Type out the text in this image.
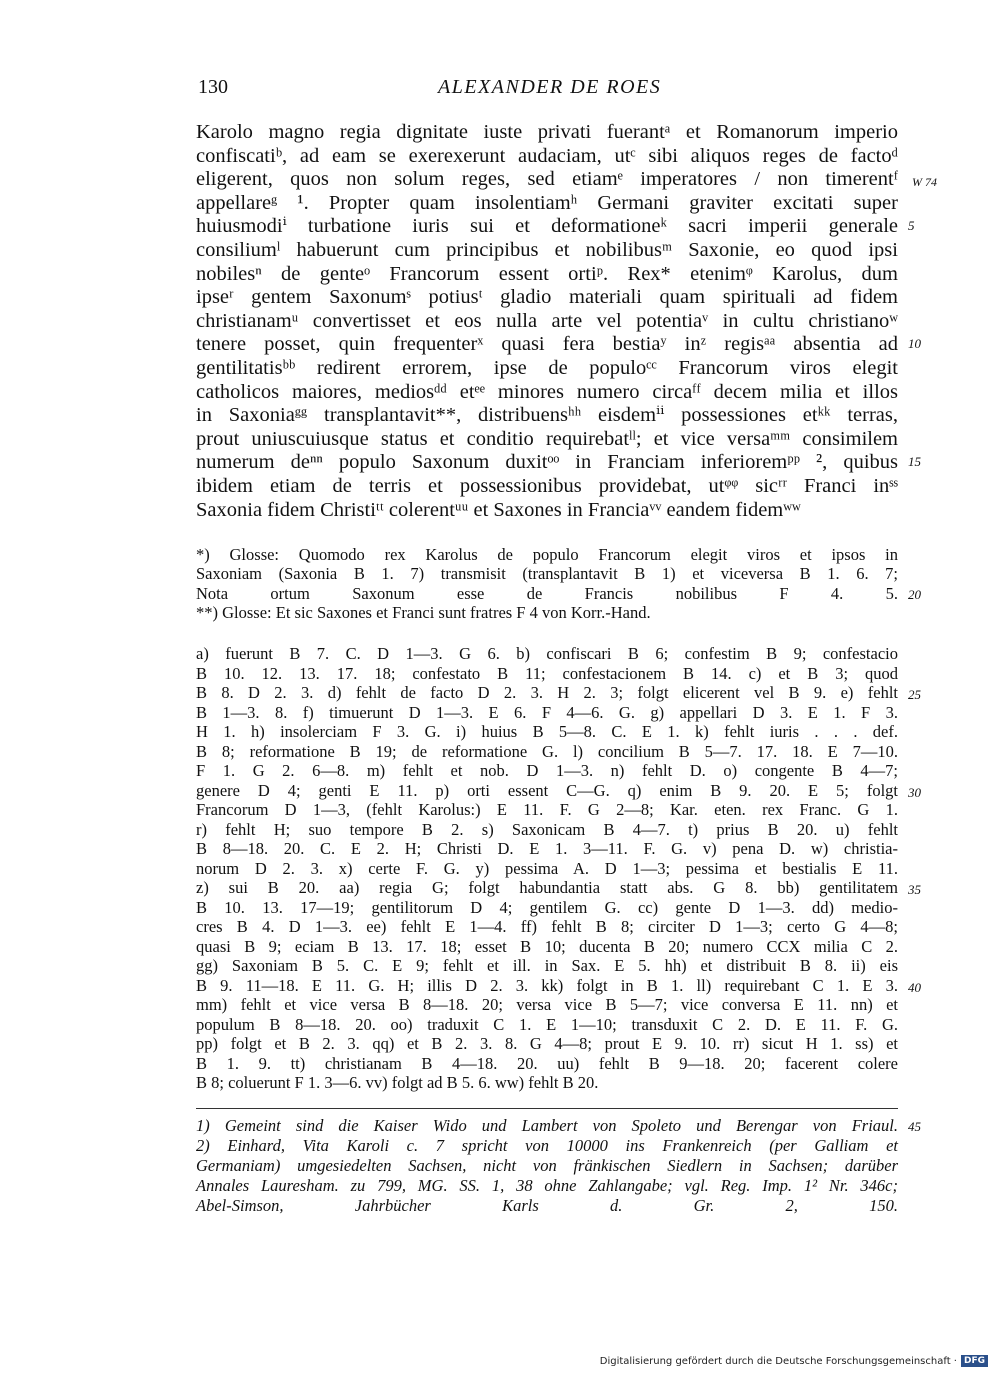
130	ALEXANDER DE ROES
W 74
Karolo magno regia dignitate iuste privati fuerantᵃ et Romanorum imperio
confiscatiᵇ, ad eam se exerexerunt audaciam, utᶜ sibi aliquos reges de factoᵈ
eligerent, quos non solum reges, sed etiamᵉ imperatores / non timerentᶠ
appellareᵍ ¹. Propter quam insolentiamʰ Germani graviter excitati super
huiusmodiⁱ turbatione iuris sui et deformationeᵏ sacri imperii generale
consiliumˡ habuerunt cum principibus et nobilibusᵐ Saxonie, eo quod ipsi
nobilesⁿ de genteᵒ Francorum essent ortiᵖ. Rex* etenimᵠ Karolus, dum
ipseʳ gentem Saxonumˢ potiusᵗ gladio materiali quam spirituali ad fidem
christianamᵘ convertisset et eos nulla arte vel potentiaᵛ in cultu christianoʷ
tenere posset, quin frequenterˣ quasi fera bestiaʸ inᶻ regisᵃᵃ absentia ad
gentilitatisᵇᵇ redirent errorem, ipse de populoᶜᶜ Francorum viros elegit
catholicos maiores, mediosᵈᵈ etᵉᵉ minores numero circaᶠᶠ decem milia et illos
in Saxoniaᵍᵍ transplantavit**, distribuensʰʰ eisdemⁱⁱ possessiones etᵏᵏ terras,
prout uniuscuiusque status et conditio requirebatˡˡ; et vice versaᵐᵐ consimilem
numerum deⁿⁿ populo Saxonum duxitᵒᵒ in Franciam inferioremᵖᵖ ², quibus
ibidem etiam de terris et possessionibus providebat, utᵠᵠ sicʳʳ Franci inˢˢ
Saxonia fidem Christiᵗᵗ colerentᵘᵘ et Saxones in Franciaᵛᵛ eandem fidemʷʷ
5
10
15
*) Glosse: Quomodo rex Karolus de populo Francorum elegit viros et ipsos in
Saxoniam (Saxonia B 1. 7) transmisit (transplantavit B 1) et viceversa B 1. 6. 7;
Nota ortum Saxonum esse de Francis nobilibus F 4. 5.
**) Glosse: Et sic Saxones et Franci sunt fratres F 4 von Korr.-Hand.
20
a) fuerunt B 7. C. D 1—3. G 6. b) confiscari B 6; confestim B 9; confestacio
B 10. 12. 13. 17. 18; confestato B 11; confestacionem B 14. c) et B 3; quod
B 8. D 2. 3. d) fehlt de facto D 2. 3. H 2. 3; folgt elicerent vel B 9. e) fehlt
B 1—3. 8. f) timuerunt D 1—3. E 6. F 4—6. G. g) appellari D 3. E 1. F 3.
H 1. h) insolerciam F 3. G. i) huius B 5—8. C. E 1. k) fehlt iuris . . . def.
B 8; reformatione B 19; de reformatione G. l) concilium B 5—7. 17. 18. E 7—10.
F 1. G 2. 6—8. m) fehlt et nob. D 1—3. n) fehlt D. o) congente B 4—7;
genere D 4; genti E 11. p) orti essent C—G. q) enim B 9. 20. E 5; folgt
Francorum D 1—3, (fehlt Karolus:) E 11. F. G 2—8; Kar. eten. rex Franc. G 1.
r) fehlt H; suo tempore B 2. s) Saxonicam B 4—7. t) prius B 20. u) fehlt
B 8—18. 20. C. E 2. H; Christi D. E 1. 3—11. F. G. v) pena D. w) christia-
norum D 2. 3. x) certe F. G. y) pessima A. D 1—3; pessima et bestialis E 11.
z) sui B 20. aa) regia G; folgt habundantia statt abs. G 8. bb) gentilitatem
B 10. 13. 17—19; gentilitorum D 4; gentilem G. cc) gente D 1—3. dd) medio-
cres B 4. D 1—3. ee) fehlt E 1—4. ff) fehlt B 8; circiter D 1—3; certo G 4—8;
quasi B 9; eciam B 13. 17. 18; esset B 10; ducenta B 20; numero CCX milia C 2.
gg) Saxoniam B 5. C. E 9; fehlt et ill. in Sax. E 5. hh) et distribuit B 8. ii) eis
B 9. 11—18. E 11. G. H; illis D 2. 3. kk) folgt in B 1. ll) requirebant C 1. E 3.
mm) fehlt et vice versa B 8—18. 20; versa vice B 5—7; vice conversa E 11. nn) et
populum B 8—18. 20. oo) traduxit C 1. E 1—10; transduxit C 2. D. E 11. F. G.
pp) folgt et B 2. 3. qq) et B 2. 3. 8. G 4—8; prout E 9. 10. rr) sicut H 1. ss) et
B 1. 9. tt) christianam B 4—18. 20. uu) fehlt B 9—18. 20; facerent colere
B 8; coluerunt F 1. 3—6. vv) folgt ad B 5. 6. ww) fehlt B 20.
25
30
35
40
1) Gemeint sind die Kaiser Wido und Lambert von Spoleto und Berengar von Friaul.
2) Einhard, Vita Karoli c. 7 spricht von 10000 ins Frankenreich (per Galliam et
Germaniam) umgesiedelten Sachsen, nicht von fränkischen Siedlern in Sachsen; darüber
Annales Lauresham. zu 799, MG. SS. 1, 38 ohne Zahlangabe; vgl. Reg. Imp. 1² Nr. 346c;
Abel-Simson, Jahrbücher Karls d. Gr. 2, 150.
45
Digitalisierung gefördert durch die Deutsche Forschungsgemeinschaft · DFG
